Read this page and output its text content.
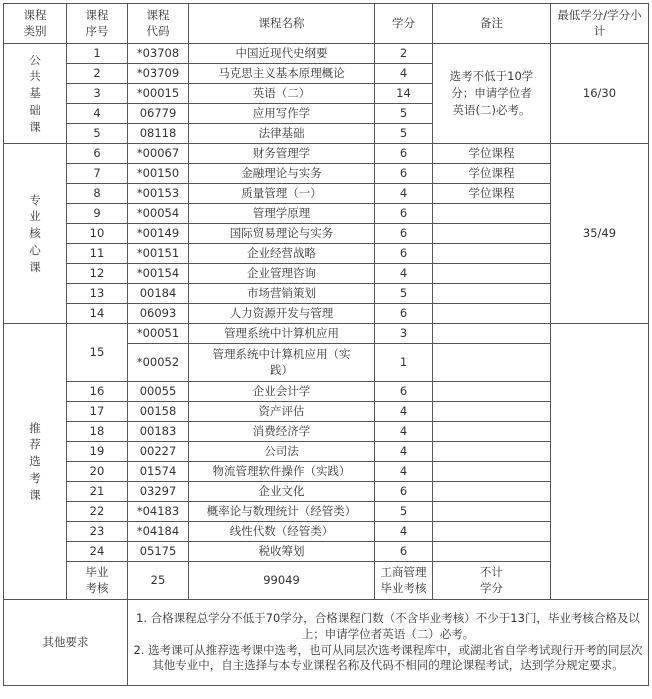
课程类别	课程序号	课程代码	课程名称	学分	备注	最低学分/学分小计	
公共基础课	1	*03708	中国近现代史纲要	2	选考不低于10学分；申请学位者英语(二)必考。	16/30	
	2	*03709	马克思主义基本原理概论	4			
	3	*00015	英语（二）	14			
	4	06779	应用写作学	5			
	5	08118	法律基础	5			
专业核心课	6	*00067	财务管理学	6	学位课程	35/49	
	7	*00150	金融理论与实务	6	学位课程		
	8	*00153	质量管理（一）	4	学位课程		
	9	*00054	管理学原理	6			
	10	*00149	国际贸易理论与实务	6			
	11	*00151	企业经营战略	6			
	12	*00154	企业管理咨询	4			
	13	00184	市场营销策划	5			
	14	06093	人力资源开发与管理	6			
推荐选考课	15	*00051	管理系统中计算机应用	3			
		*00052	管理系统中计算机应用（实践）	1			
	16	00055	企业会计学	6			
	17	00158	资产评估	4			
	18	00183	消费经济学	4			
	19	00227	公司法	4			
	20	01574	物流管理软件操作（实践）	4			
	21	03297	企业文化	6			
	22	*04183	概率论与数理统计（经管类）	5			
	23	*04184	线性代数（经管类）	4			
	24	05175	税收筹划	6			
	毕业考核	25	99049	工商管理毕业考核	不计学分		
其他要求		1. 合格课程总学分不低于70学分，合格课程门数（不含毕业考核）不少于13门，毕业考核合格及以上；申请学位者英语（二）必考。
2. 选考课可从推荐选考课中选考，也可从同层次选考课程库中，或湖北省自学考试现行开考的同层次其他专业中，自主选择与本专业课程名称及代码不相同的理论课程考试，达到学分规定要求。					
